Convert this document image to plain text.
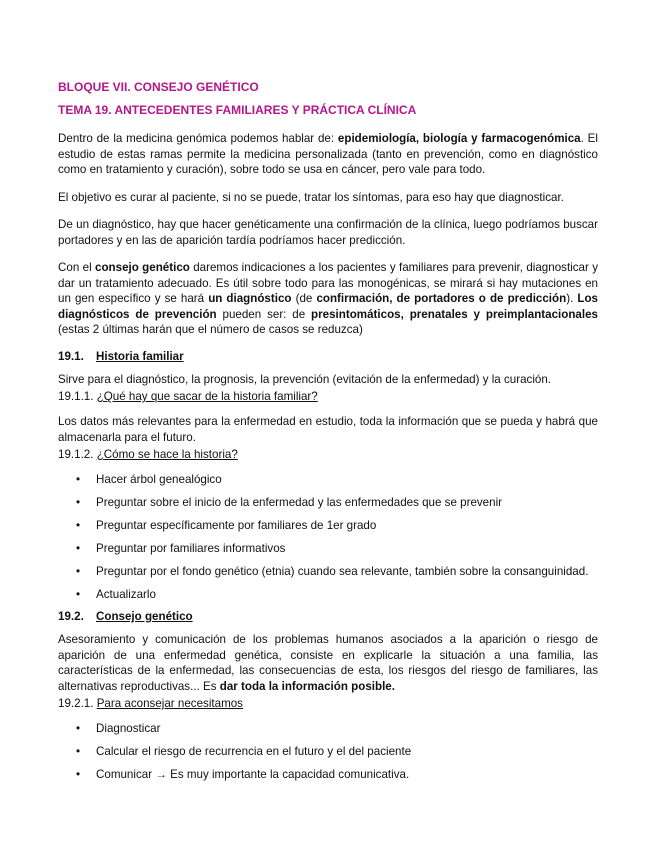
BLOQUE VII. CONSEJO GENÉTICO
TEMA 19. ANTECEDENTES FAMILIARES Y PRÁCTICA CLÍNICA

Dentro de la medicina genómica podemos hablar de: epidemiología, biología y farmacogenómica. El estudio de estas ramas permite la medicina personalizada (tanto en prevención, como en diagnóstico como en tratamiento y curación), sobre todo se usa en cáncer, pero vale para todo.

El objetivo es curar al paciente, si no se puede, tratar los síntomas, para eso hay que diagnosticar.

De un diagnóstico, hay que hacer genéticamente una confirmación de la clínica, luego podríamos buscar portadores y en las de aparición tardía podríamos hacer predicción.

Con el consejo genético daremos indicaciones a los pacientes y familiares para prevenir, diagnosticar y dar un tratamiento adecuado. Es útil sobre todo para las monogénicas, se mirará si hay mutaciones en un gen específico y se hará un diagnóstico (de confirmación, de portadores o de predicción). Los diagnósticos de prevención pueden ser: de presintomáticos, prenatales y preimplantacionales (estas 2 últimas harán que el número de casos se reduzca)

19.1. Historia familiar

Sirve para el diagnóstico, la prognosis, la prevención (evitación de la enfermedad) y la curación.

19.1.1. ¿Qué hay que sacar de la historia familiar?

Los datos más relevantes para la enfermedad en estudio, toda la información que se pueda y habrá que almacenarla para el futuro.

19.1.2. ¿Cómo se hace la historia?
• Hacer árbol genealógico
• Preguntar sobre el inicio de la enfermedad y las enfermedades que se prevenir
• Preguntar específicamente por familiares de 1er grado
• Preguntar por familiares informativos
• Preguntar por el fondo genético (etnia) cuando sea relevante, también sobre la consanguinidad.
• Actualizarlo
19.2. Consejo genético

Asesoramiento y comunicación de los problemas humanos asociados a la aparición o riesgo de aparición de una enfermedad genética, consiste en explicarle la situación a una familia, las características de la enfermedad, las consecuencias de esta, los riesgos del riesgo de familiares, las alternativas reproductivas... Es dar toda la información posible.

19.2.1. Para aconsejar necesitamos
• Diagnosticar
• Calcular el riesgo de recurrencia en el futuro y el del paciente
• Comunicar → Es muy importante la capacidad comunicativa.
